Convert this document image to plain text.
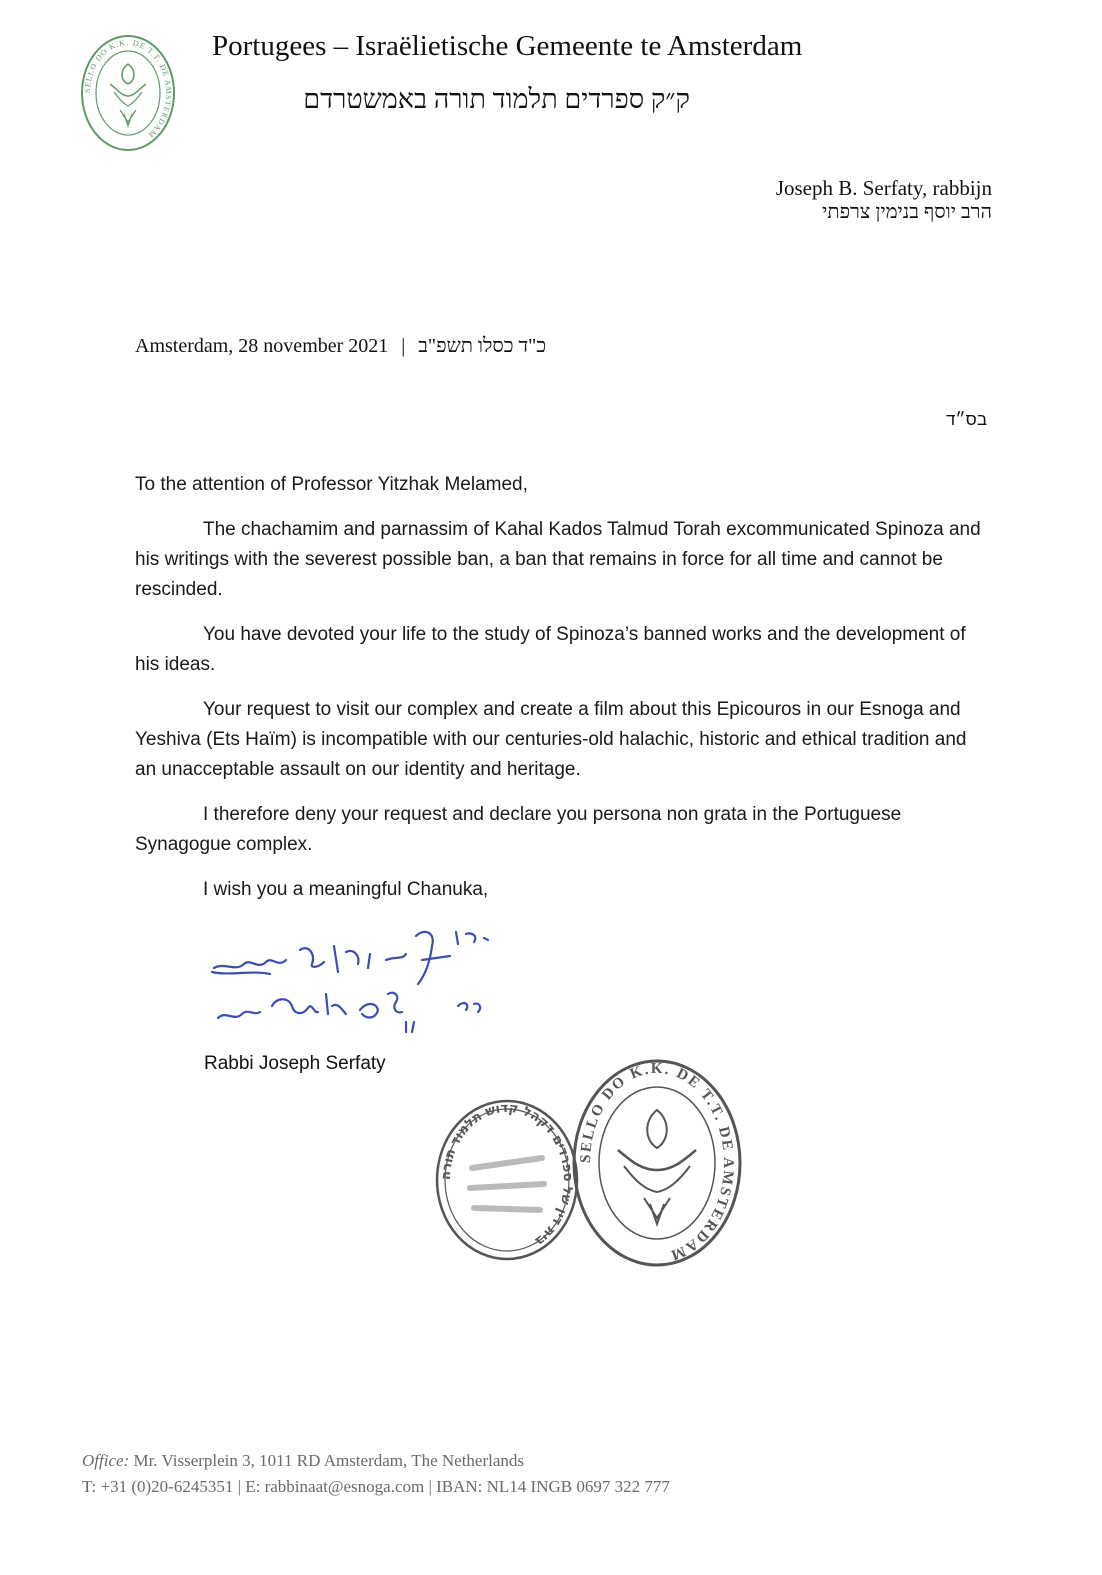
SELLO DO K.K. DE T.T. DE AMSTERDAM
Portugees – Israëlietische Gemeente te Amsterdam
ק״ק ספרדים תלמוד תורה באמשטרדם
Joseph B. Serfaty, rabbijn
הרב יוסף בנימין צרפתי
Amsterdam, 28 november 2021 | כ"ד כסלו תשפ"ב
בס״ד

To the attention of Professor Yitzhak Melamed,

The chachamim and parnassim of Kahal Kados Talmud Torah excommunicated Spinoza and his writings with the severest possible ban, a ban that remains in force for all time and cannot be rescinded.

You have devoted your life to the study of Spinoza’s banned works and the development of his ideas.

Your request to visit our complex and create a film about this Epicouros in our Esnoga and Yeshiva (Ets Haïm) is incompatible with our centuries-old halachic, historic and ethical tradition and an unacceptable assault on our identity and heritage.

I therefore deny your request and declare you persona non grata in the Portuguese Synagogue complex.

I wish you a meaningful Chanuka,

Rabbi Joseph Serfaty
בית דין של ספרדים דקהל קדוש תלמוד תורה
SELLO DO K.K. DE T.T. DE AMSTERDAM
Office: Mr. Visserplein 3, 1011 RD Amsterdam, The Netherlands
T: +31 (0)20-6245351 | E: rabbinaat@esnoga.com | IBAN: NL14 INGB 0697 322 777
